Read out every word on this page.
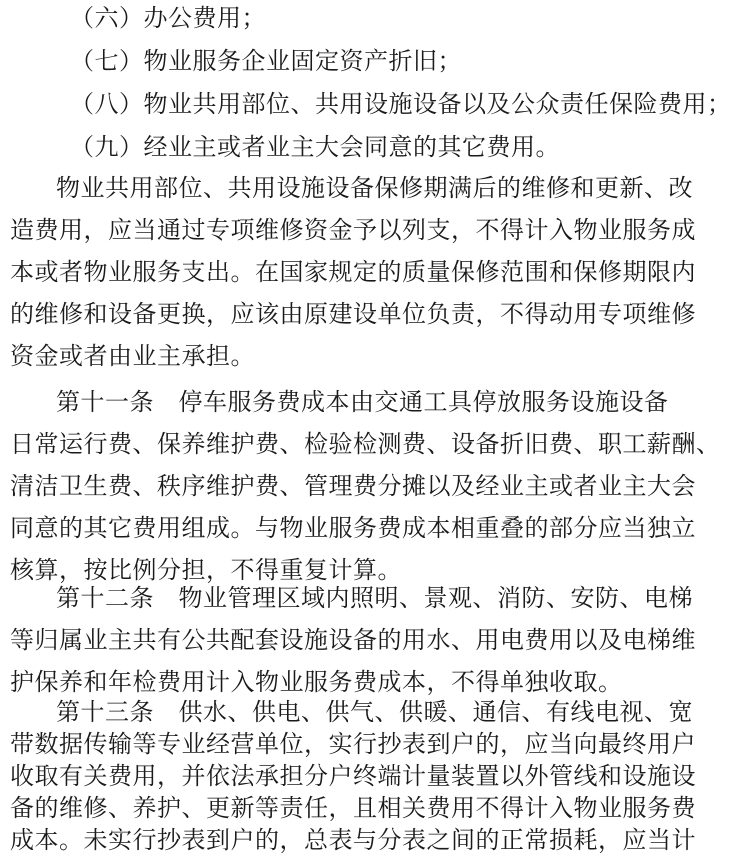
（六）办公费用；
（七）物业服务企业固定资产折旧；
（八）物业共用部位、共用设施设备以及公众责任保险费用；
（九）经业主或者业主大会同意的其它费用。
物业共用部位、共用设施设备保修期满后的维修和更新、改
造费用，应当通过专项维修资金予以列支，不得计入物业服务成
本或者物业服务支出。在国家规定的质量保修范围和保修期限内
的维修和设备更换，应该由原建设单位负责，不得动用专项维修
资金或者由业主承担。
第十一条　停车服务费成本由交通工具停放服务设施设备
日常运行费、保养维护费、检验检测费、设备折旧费、职工薪酬、
清洁卫生费、秩序维护费、管理费分摊以及经业主或者业主大会
同意的其它费用组成。与物业服务费成本相重叠的部分应当独立
核算，按比例分担，不得重复计算。
第十二条　物业管理区域内照明、景观、消防、安防、电梯
等归属业主共有公共配套设施设备的用水、用电费用以及电梯维
护保养和年检费用计入物业服务费成本，不得单独收取。
第十三条　供水、供电、供气、供暖、通信、有线电视、宽
带数据传输等专业经营单位，实行抄表到户的，应当向最终用户
收取有关费用，并依法承担分户终端计量装置以外管线和设施设
备的维修、养护、更新等责任，且相关费用不得计入物业服务费
成本。未实行抄表到户的，总表与分表之间的正常损耗，应当计
